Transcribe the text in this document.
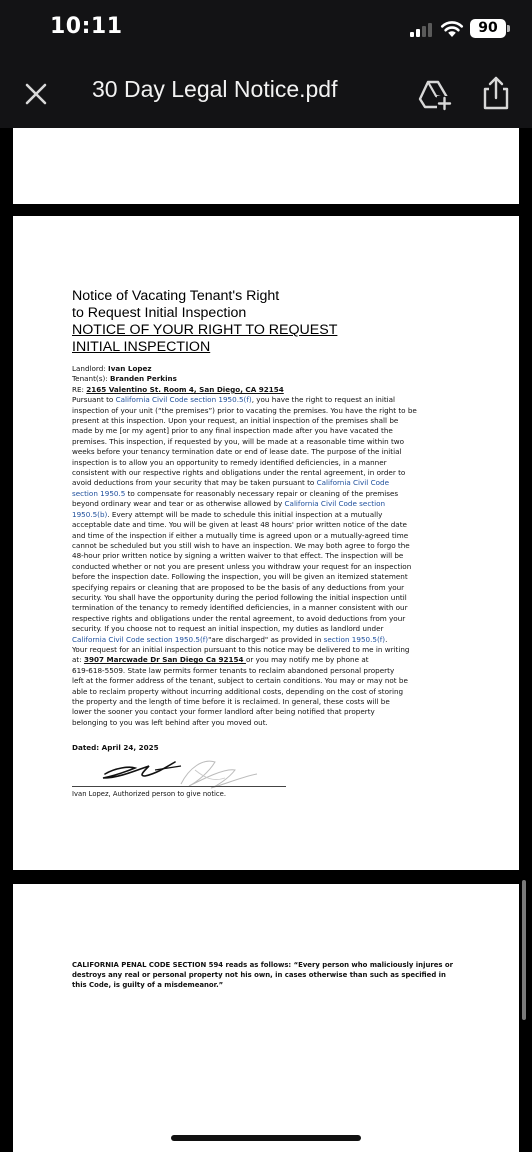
10:11	90
30 Day Legal Notice.pdf
Notice of Vacating Tenant's Right
to Request Initial Inspection
NOTICE OF YOUR RIGHT TO REQUEST
INITIAL INSPECTION
Landlord: Ivan Lopez
Tenant(s): Branden Perkins
RE: 2165 Valentino St. Room 4, San Diego, CA 92154
Pursuant to California Civil Code section 1950.5(f), you have the right to request an initial
inspection of your unit (“the premises”) prior to vacating the premises. You have the right to be
present at this inspection. Upon your request, an initial inspection of the premises shall be
made by me [or my agent] prior to any final inspection made after you have vacated the
premises. This inspection, if requested by you, will be made at a reasonable time within two
weeks before your tenancy termination date or end of lease date. The purpose of the initial
inspection is to allow you an opportunity to remedy identified deficiencies, in a manner
consistent with our respective rights and obligations under the rental agreement, in order to
avoid deductions from your security that may be taken pursuant to California Civil Code
section 1950.5 to compensate for reasonably necessary repair or cleaning of the premises
beyond ordinary wear and tear or as otherwise allowed by California Civil Code section
1950.5(b). Every attempt will be made to schedule this initial inspection at a mutually
acceptable date and time. You will be given at least 48 hours' prior written notice of the date
and time of the inspection if either a mutually time is agreed upon or a mutually-agreed time
cannot be scheduled but you still wish to have an inspection. We may both agree to forgo the
48-hour prior written notice by signing a written waiver to that effect. The inspection will be
conducted whether or not you are present unless you withdraw your request for an inspection
before the inspection date. Following the inspection, you will be given an itemized statement
specifying repairs or cleaning that are proposed to be the basis of any deductions from your
security. You shall have the opportunity during the period following the initial inspection until
termination of the tenancy to remedy identified deficiencies, in a manner consistent with our
respective rights and obligations under the rental agreement, to avoid deductions from your
security. If you choose not to request an initial inspection, my duties as landlord under
California Civil Code section 1950.5(f)"are discharged" as provided in section 1950.5(f).
Your request for an initial inspection pursuant to this notice may be delivered to me in writing
at: 3907 Marcwade Dr San Diego Ca 92154 or you may notify me by phone at
619-618-5509. State law permits former tenants to reclaim abandoned personal property
left at the former address of the tenant, subject to certain conditions. You may or may not be
able to reclaim property without incurring additional costs, depending on the cost of storing
the property and the length of time before it is reclaimed. In general, these costs will be
lower the sooner you contact your former landlord after being notified that property
belonging to you was left behind after you moved out.
Dated: April 24, 2025
Ivan Lopez, Authorized person to give notice.
CALIFORNIA PENAL CODE SECTION 594 reads as follows: “Every person who maliciously injures or
destroys any real or personal property not his own, in cases otherwise than such as specified in
this Code, is guilty of a misdemeanor.”
